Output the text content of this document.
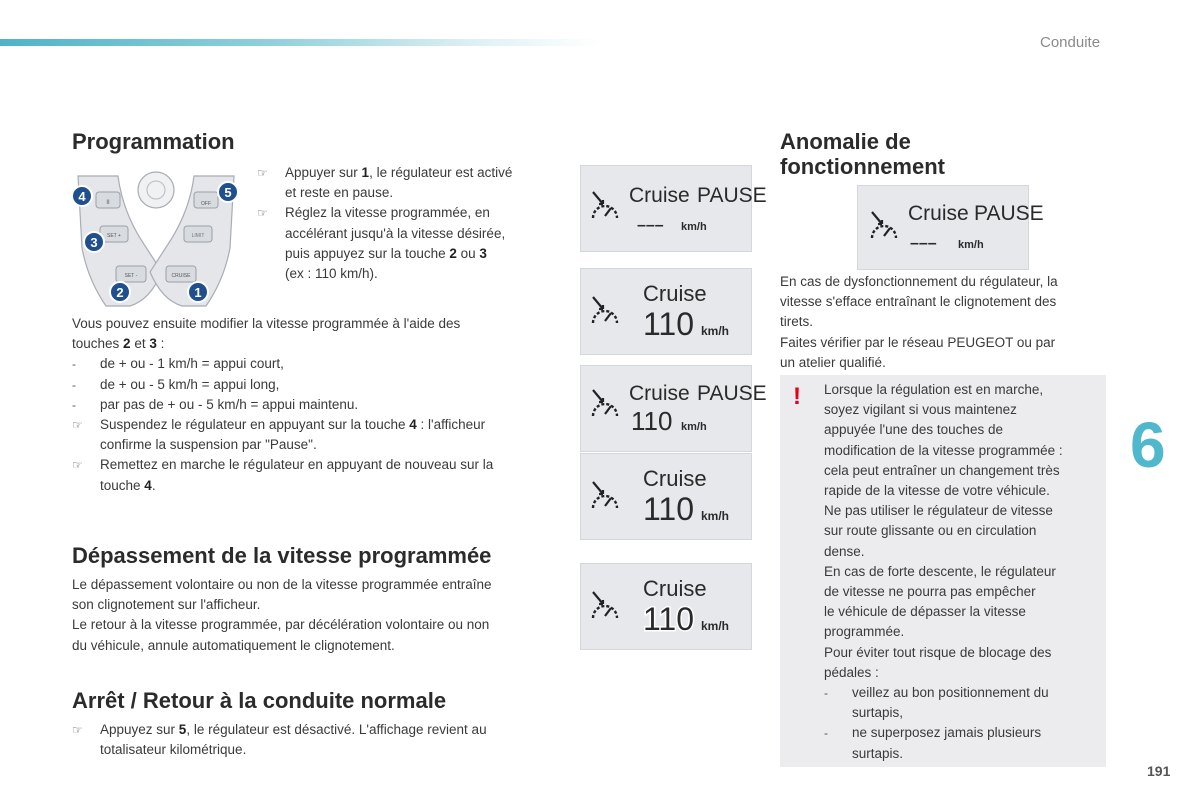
Conduite
Programmation
II
SET +
SET -	CRUISE
LIMIT
OFF
4
3
2	1
5
☞	Appuyer sur 1, le régulateur est activé
et reste en pause.
☞	Réglez la vitesse programmée, en
accélérant jusqu'à la vitesse désirée,
puis appuyez sur la touche 2 ou 3
(ex : 110 km/h).
Vous pouvez ensuite modifier la vitesse programmée à l'aide des
touches 2 et 3 :
-	de + ou - 1 km/h = appui court,
-	de + ou - 5 km/h = appui long,
-	par pas de + ou - 5 km/h = appui maintenu.
☞	Suspendez le régulateur en appuyant sur la touche 4 : l'afficheur
confirme la suspension par "Pause".
☞	Remettez en marche le régulateur en appuyant de nouveau sur la
touche 4.
Dépassement de la vitesse programmée
Le dépassement volontaire ou non de la vitesse programmée entraîne
son clignotement sur l'afficheur.
Le retour à la vitesse programmée, par décélération volontaire ou non
du véhicule, annule automatiquement le clignotement.
Arrêt / Retour à la conduite normale
☞	Appuyez sur 5, le régulateur est désactivé. L'affichage revient au
totalisateur kilométrique.
Cruise PAUSE
––– km/h
Cruise
110 km/h
Cruise PAUSE
110 km/h
Cruise
110 km/h
Cruise
110 km/h
Anomalie de
fonctionnement
Cruise PAUSE
––– km/h
En cas de dysfonctionnement du régulateur, la
vitesse s'efface entraînant le clignotement des
tirets.
Faites vérifier par le réseau PEUGEOT ou par
un atelier qualifié.
!	Lorsque la régulation est en marche,
soyez vigilant si vous maintenez
appuyée l'une des touches de
modification de la vitesse programmée :
cela peut entraîner un changement très
rapide de la vitesse de votre véhicule.
Ne pas utiliser le régulateur de vitesse
sur route glissante ou en circulation
dense.
En cas de forte descente, le régulateur
de vitesse ne pourra pas empêcher
le véhicule de dépasser la vitesse
programmée.
Pour éviter tout risque de blocage des
pédales :
-	veillez au bon positionnement du
surtapis,
-	ne superposez jamais plusieurs
surtapis.
6
191
